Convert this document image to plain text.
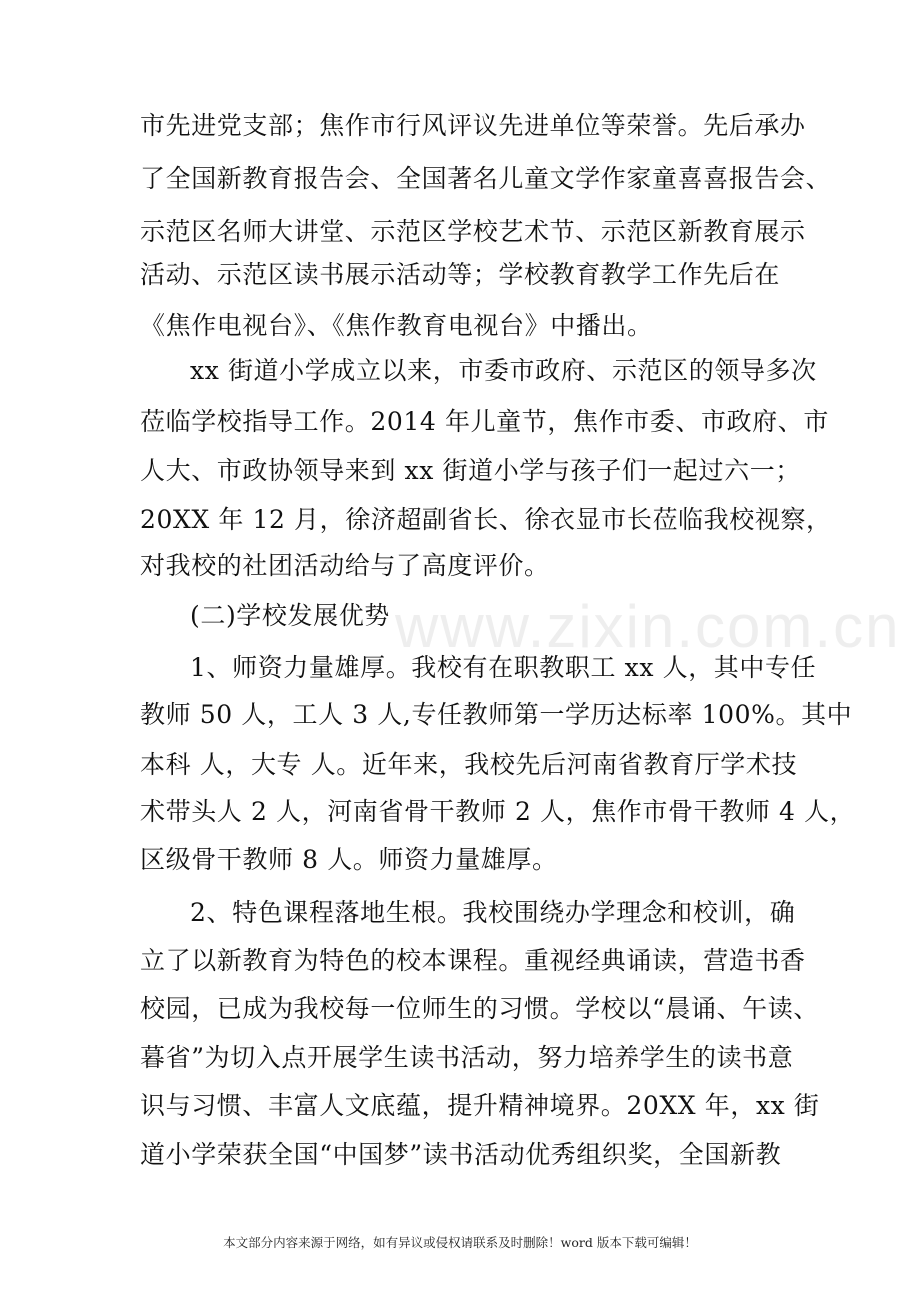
www.zixin.com.cn
市先进党支部；焦作市行风评议先进单位等荣誉。先后承办
了全国新教育报告会、全国著名儿童文学作家童喜喜报告会、
示范区名师大讲堂、示范区学校艺术节、示范区新教育展示
活动、示范区读书展示活动等；学校教育教学工作先后在
《焦作电视台》、《焦作教育电视台》中播出。
xx 街道小学成立以来，市委市政府、示范区的领导多次
莅临学校指导工作。2014 年儿童节，焦作市委、市政府、市
人大、市政协领导来到 xx 街道小学与孩子们一起过六一；
20XX 年 12 月，徐济超副省长、徐衣显市长莅临我校视察，
对我校的社团活动给与了高度评价。
(二)学校发展优势
1、师资力量雄厚。我校有在职教职工 xx 人，其中专任
教师 50 人，工人 3 人,专任教师第一学历达标率 100%。其中
本科 人，大专 人。近年来，我校先后河南省教育厅学术技
术带头人 2 人，河南省骨干教师 2 人，焦作市骨干教师 4 人，
区级骨干教师 8 人。师资力量雄厚。
2、特色课程落地生根。我校围绕办学理念和校训，确
立了以新教育为特色的校本课程。重视经典诵读，营造书香
校园，已成为我校每一位师生的习惯。学校以“晨诵、午读、
暮省”为切入点开展学生读书活动，努力培养学生的读书意
识与习惯、丰富人文底蕴，提升精神境界。20XX 年，xx 街
道小学荣获全国“中国梦”读书活动优秀组织奖，全国新教
本文部分内容来源于网络，如有异议或侵权请联系及时删除！word 版本下载可编辑！
